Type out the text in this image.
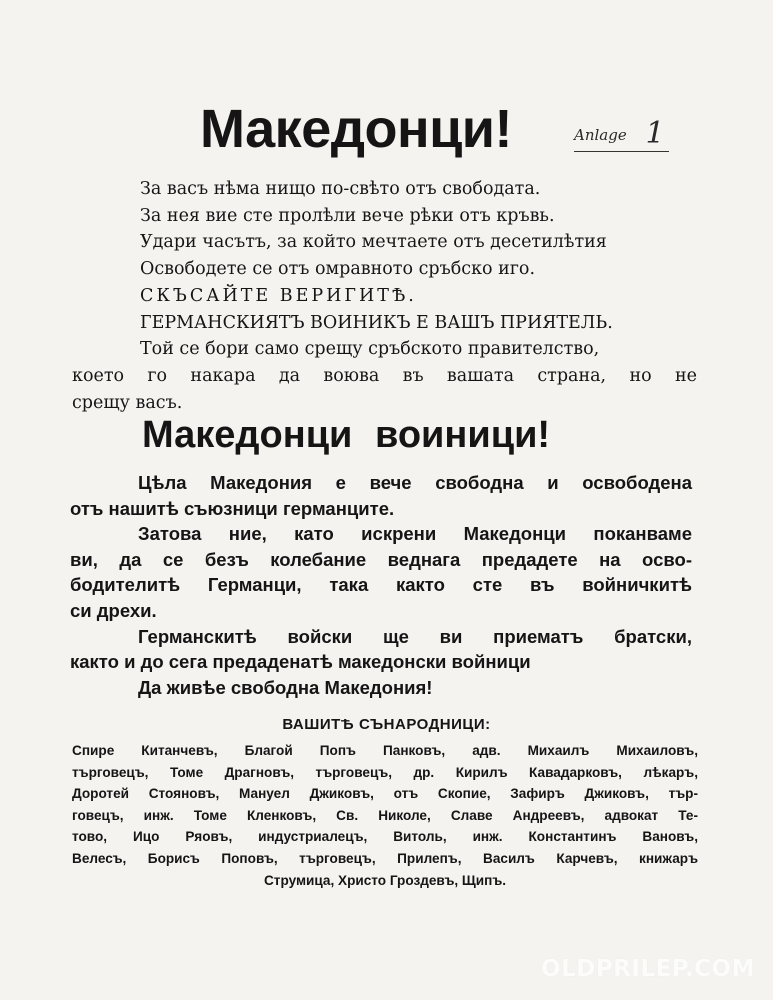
Македонци!	Anlage 1

За васъ нѣма нищо по-свѣто отъ свободата.

За нея вие сте пролѣли вече рѣки отъ кръвь.

Удари часътъ, за който мечтаете отъ десетилѣтия

Освободете се отъ омравното сръбско иго.

СКЪСАЙТЕ ВЕРИГИТѢ.

ГЕРМАНСКИЯТЪ ВОИНИКЪ Е ВАШЪ ПРИЯТЕЛЬ.

Той се бори само срещу сръбското правителство,

което го накара да воюва въ вашата страна, но не

срещу васъ.

Македонци воиници!

Цѣла Македония е вече свободна и освободена

отъ нашитѣ съюзници германците.

Затова ние, като искрени Македонци поканваме

ви, да се безъ колебание веднага предадете на осво-

бодителитѣ Германци, така както сте въ войничкитѣ

си дрехи.

Германскитѣ войски ще ви приематъ братски,

както и до сега предаденатѣ македонски войници

Да живѣе свободна Македония!

ВАШИТѢ СЪНАРОДНИЦИ:

Спире Китанчевъ, Благой Попъ Панковъ, адв. Михаилъ Михаиловъ,

търговецъ, Томе Драгновъ, търговецъ, др. Кирилъ Кавадарковъ, лѣкаръ,

Доротей Стояновъ, Мануел Джиковъ, отъ Скопие, Зафиръ Джиковъ, тър-

говецъ, инж. Томе Кленковъ, Св. Николе, Славе Андреевъ, адвокат Те-

тово, Ицо Ряовъ, индустриалецъ, Витоль, инж. Константинъ Вановъ,

Велесъ, Борисъ Поповъ, търговецъ, Прилепъ, Василъ Карчевъ, книжаръ

Струмица, Христо Гроздевъ, Щипъ.

OLDPRILEP.COM
